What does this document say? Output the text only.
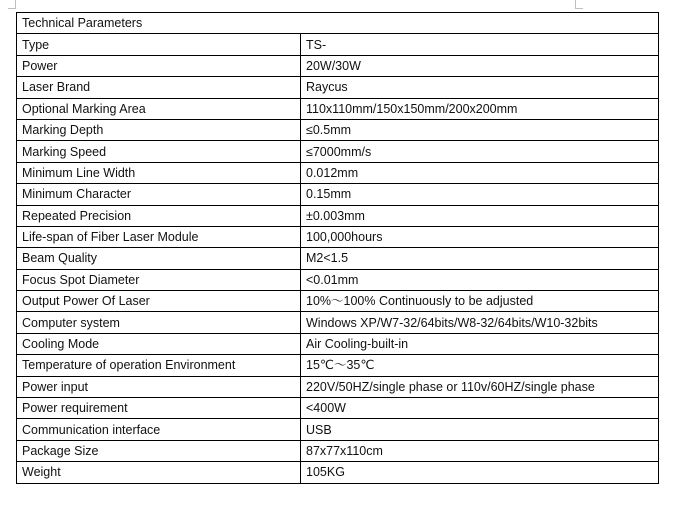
Technical Parameters	
Type	TS-
Power	20W/30W
Laser Brand	Raycus
Optional Marking Area	110x110mm/150x150mm/200x200mm
Marking Depth	≤0.5mm
Marking Speed	≤7000mm/s
Minimum Line Width	0.012mm
Minimum Character	0.15mm
Repeated Precision	±0.003mm
Life-span of Fiber Laser Module	100,000hours
Beam Quality	M2<1.5
Focus Spot Diameter	<0.01mm
Output Power Of Laser	10%～100% Continuously to be adjusted
Computer system	Windows XP/W7-32/64bits/W8-32/64bits/W10-32bits
Cooling Mode	Air Cooling-built-in
Temperature of operation Environment	15℃～35℃
Power input	220V/50HZ/single phase or 110v/60HZ/single phase
Power requirement	<400W
Communication interface	USB
Package Size	87x77x110cm
Weight	105KG
